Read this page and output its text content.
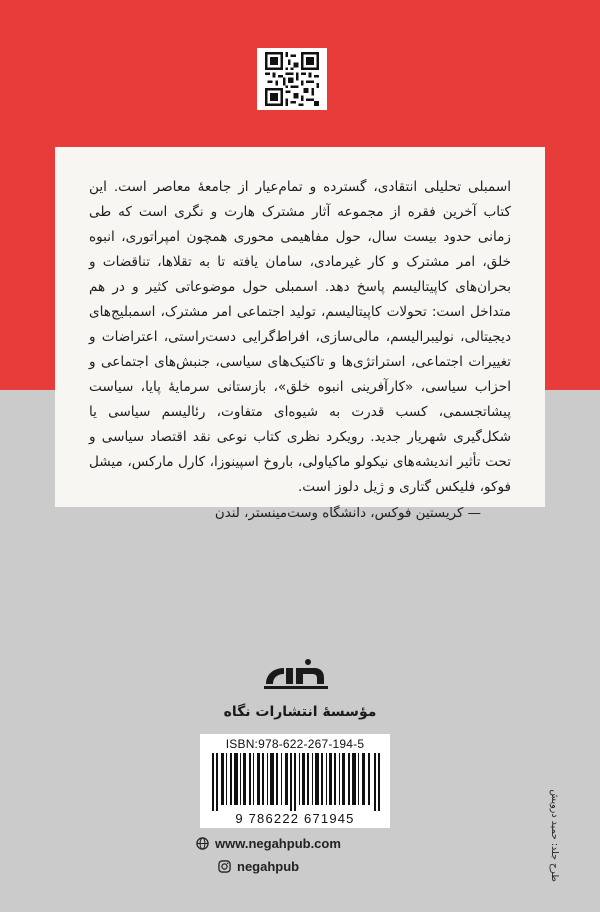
اسمبلی تحلیلی انتقادی، گسترده و تمام‌عیار از جامعهٔ معاصر است. این کتاب آخرین فقره از مجموعه آثار مشترک هارت و نگری است که طی زمانی حدود بیست سال، حول مفاهیمی محوری همچون امپراتوری، انبوه خلق، امر مشترک و کار غیرمادی، سامان یافته تا به تقلاها، تناقضات و بحران‌های کاپیتالیسم پاسخ دهد. اسمبلی حول موضوعاتی کثیر و در هم متداخل است: تحولات کاپیتالیسم، تولید اجتماعی امر مشترک، اسمبلیج‌های دیجیتالی، نولیبرالیسم، مالی‌سازی، افراط‌گرایی دست‌راستی، اعتراضات و تغییرات اجتماعی، استراتژی‌ها و تاکتیک‌های سیاسی، جنبش‌های اجتماعی و احزاب سیاسی، «کارآفرینی انبوه خلق»، بازستانی سرمایهٔ پایا، سیاست پیشاتجسمی، کسب قدرت به شیوه‌ای متفاوت، رئالیسم سیاسی یا شکل‌گیری شهریار جدید. رویکرد نظری کتاب نوعی نقد اقتصاد سیاسی و تحت تأثیر اندیشه‌های نیکولو ماکیاولی، باروخ اسپینوزا، کارل مارکس، میشل فوکو، فلیکس گتاری و ژیل دلوز است.

— کریستین فوکس، دانشگاه وست‌مینستر، لندن
مؤسسهٔ انتشارات نگاه
ISBN:978-622-267-194-5
9 786222 671945
www.negahpub.com
negahpub	طرح جلد: حمید درویش
